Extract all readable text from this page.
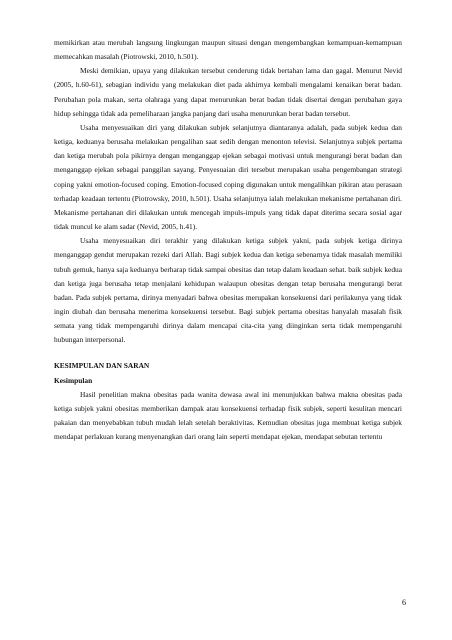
memikirkan atau merubah langsung lingkungan maupun situasi dengan mengembangkan kemampuan-kemampuan memecahkan masalah (Piotrowski, 2010, h.501).

Meski demikian, upaya yang dilakukan tersebut cenderung tidak bertahan lama dan gagal. Menurut Nevid (2005, h.60-61), sebagian individu yang melakukan diet pada akhirnya kembali mengalami kenaikan berat badan. Perubahan pola makan, serta olahraga yang dapat menurunkan berat badan tidak disertai dengan perubahan gaya hidup sehingga tidak ada pemeliharaan jangka panjang dari usaha menurunkan berat badan tersebut.

Usaha menyesuaikan diri yang dilakukan subjek selanjutnya diantaranya adalah, pada subjek kedua dan ketiga, keduanya berusaha melakukan pengalihan saat sedih dengan menonton televisi. Selanjutnya subjek pertama dan ketiga merubah pola pikirnya dengan menganggap ejekan sebagai motivasi untuk mengurangi berat badan dan menganggap ejekan sebagai panggilan sayang. Penyesuaian diri tersebut merupakan usaha pengembangan strategi coping yakni emotion-focused coping. Emotion-focused coping digunakan untuk mengalihkan pikiran atau perasaan terhadap keadaan tertentu (Piotrowsky, 2010, h.501). Usaha selanjutnya ialah melakukan mekanisme pertahanan diri. Mekanisme pertahanan diri dilakukan untuk mencegah impuls-impuls yang tidak dapat diterima secara sosial agar tidak muncul ke alam sadar (Nevid, 2005, h.41).

Usaha menyesuaikan diri terakhir yang dilakukan ketiga subjek yakni, pada subjek ketiga dirinya menganggap gendut merupakan rezeki dari Allah. Bagi subjek kedua dan ketiga sebenarnya tidak masalah memiliki tubuh gemuk, hanya saja keduanya berharap tidak sampai obesitas dan tetap dalam keadaan sehat. baik subjek kedua dan ketiga juga berusaha tetap menjalani kehidupan walaupun obesitas dengan tetap berusaha mengurangi berat badan. Pada subjek pertama, dirinya menyadari bahwa obesitas merupakan konsekuensi dari perilakunya yang tidak ingin diubah dan berusaha menerima konsekuensi tersebut. Bagi subjek pertama obesitas hanyalah masalah fisik semata yang tidak mempengaruhi dirinya dalam mencapai cita-cita yang diinginkan serta tidak mempengaruhi hubungan interpersonal.

KESIMPULAN DAN SARAN
Kesimpulan

Hasil penelitian makna obesitas pada wanita dewasa awal ini menunjukkan bahwa makna obesitas pada ketiga subjek yakni obesitas memberikan dampak atau konsekuensi terhadap fisik subjek, seperti kesulitan mencari pakaian dan menyebabkan tubuh mudah lelah setelah beraktivitas. Kemudian obesitas juga membuat ketiga subjek mendapat perlakuan kurang menyenangkan dari orang lain seperti mendapat ejekan, mendapat sebutan tertentu

6
